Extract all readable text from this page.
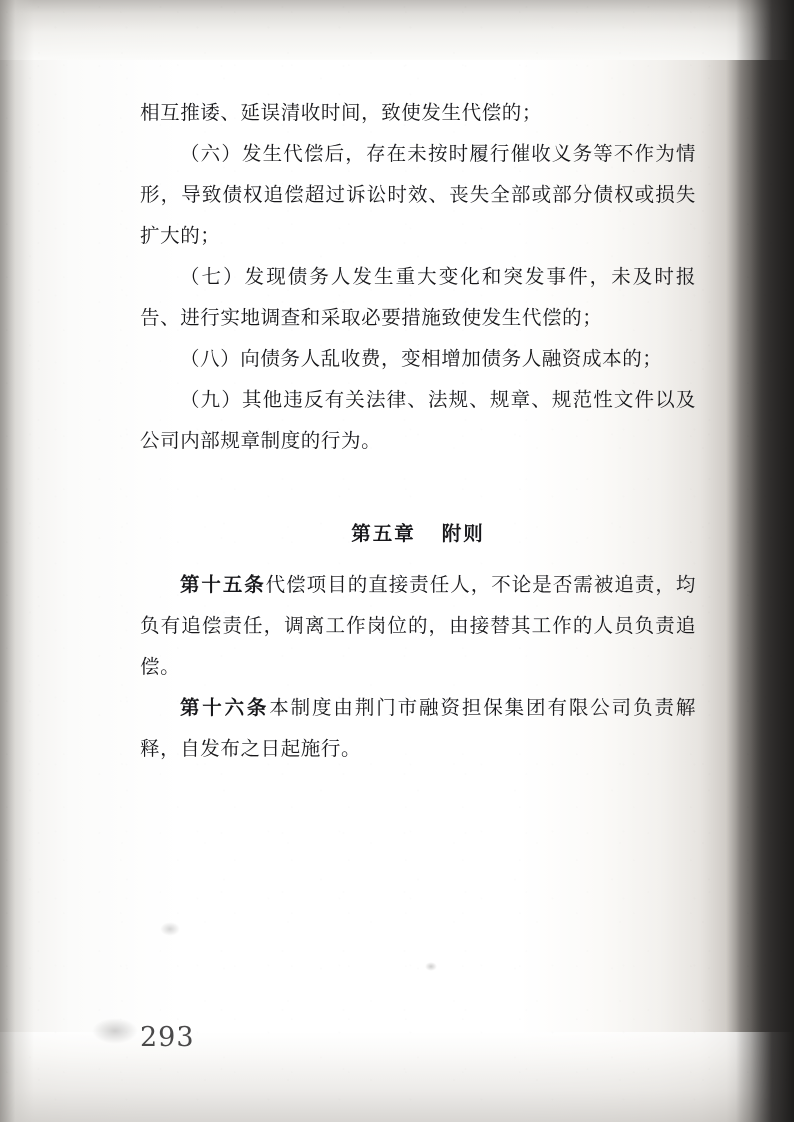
相互推诿、延误清收时间，致使发生代偿的；

（六）发生代偿后，存在未按时履行催收义务等不作为情形，导致债权追偿超过诉讼时效、丧失全部或部分债权或损失扩大的；

（七）发现债务人发生重大变化和突发事件，未及时报告、进行实地调查和采取必要措施致使发生代偿的；

（八）向债务人乱收费，变相增加债务人融资成本的；

（九）其他违反有关法律、法规、规章、规范性文件以及公司内部规章制度的行为。

第五章 附则

第十五条代偿项目的直接责任人，不论是否需被追责，均负有追偿责任，调离工作岗位的，由接替其工作的人员负责追偿。

第十六条本制度由荆门市融资担保集团有限公司负责解释，自发布之日起施行。

293
